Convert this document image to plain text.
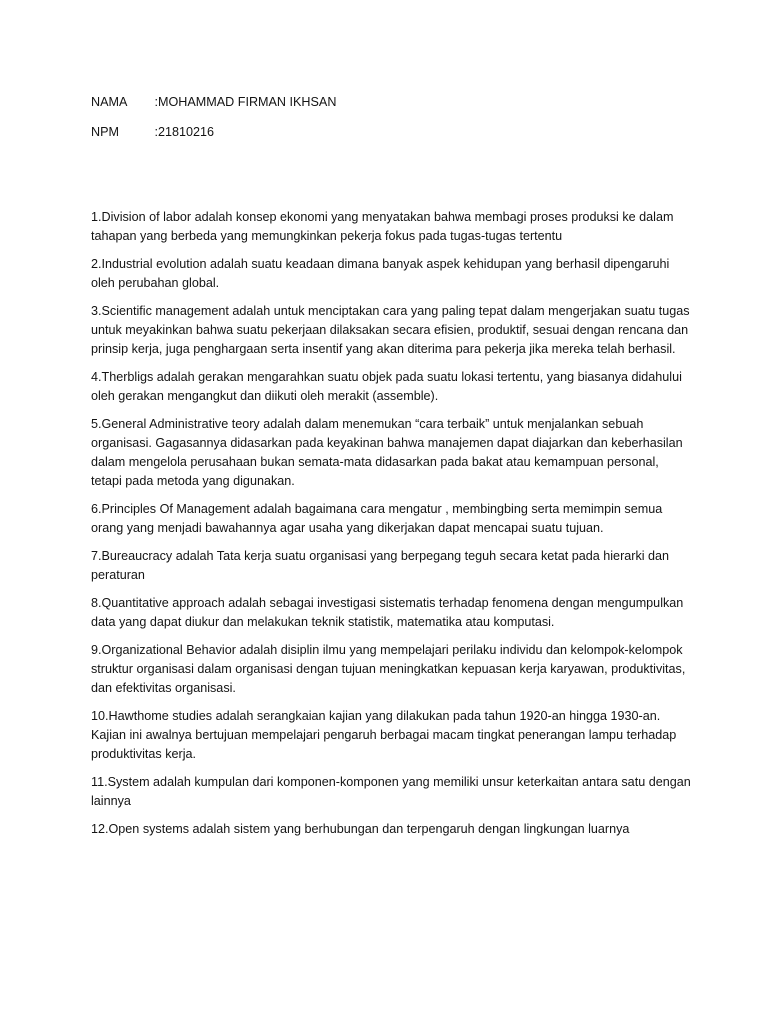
NAMA :MOHAMMAD FIRMAN IKHSAN
NPM	:21810216
1.Division of labor adalah konsep ekonomi yang menyatakan bahwa membagi proses produksi ke dalam tahapan yang berbeda yang memungkinkan pekerja fokus pada tugas-tugas tertentu
2.Industrial evolution adalah suatu keadaan dimana banyak aspek kehidupan yang berhasil dipengaruhi oleh perubahan global.
3.Scientific management adalah untuk menciptakan cara yang paling tepat dalam mengerjakan suatu tugas untuk meyakinkan bahwa suatu pekerjaan dilaksakan secara efisien, produktif, sesuai dengan rencana dan prinsip kerja, juga penghargaan serta insentif yang akan diterima para pekerja jika mereka telah berhasil.
4.Therbligs adalah gerakan mengarahkan suatu objek pada suatu lokasi tertentu, yang biasanya didahului oleh gerakan mengangkut dan diikuti oleh merakit (assemble).
5.General Administrative teory adalah dalam menemukan “cara terbaik” untuk menjalankan sebuah organisasi. Gagasannya didasarkan pada keyakinan bahwa manajemen dapat diajarkan dan keberhasilan dalam mengelola perusahaan bukan semata-mata didasarkan pada bakat atau kemampuan personal, tetapi pada metoda yang digunakan.
6.Principles Of Management adalah bagaimana cara mengatur , membingbing serta memimpin semua orang yang menjadi bawahannya agar usaha yang dikerjakan dapat mencapai suatu tujuan.
7.Bureaucracy adalah Tata kerja suatu organisasi yang berpegang teguh secara ketat pada hierarki dan peraturan
8.Quantitative approach adalah sebagai investigasi sistematis terhadap fenomena dengan mengumpulkan data yang dapat diukur dan melakukan teknik statistik, matematika atau komputasi.
9.Organizational Behavior adalah disiplin ilmu yang mempelajari perilaku individu dan kelompok-kelompok struktur organisasi dalam organisasi dengan tujuan meningkatkan kepuasan kerja karyawan, produktivitas, dan efektivitas organisasi.
10.Hawthome studies adalah serangkaian kajian yang dilakukan pada tahun 1920-an hingga 1930-an. Kajian ini awalnya bertujuan mempelajari pengaruh berbagai macam tingkat penerangan lampu terhadap produktivitas kerja.
11.System adalah kumpulan dari komponen-komponen yang memiliki unsur keterkaitan antara satu dengan lainnya
12.Open systems adalah sistem yang berhubungan dan terpengaruh dengan lingkungan luarnya
